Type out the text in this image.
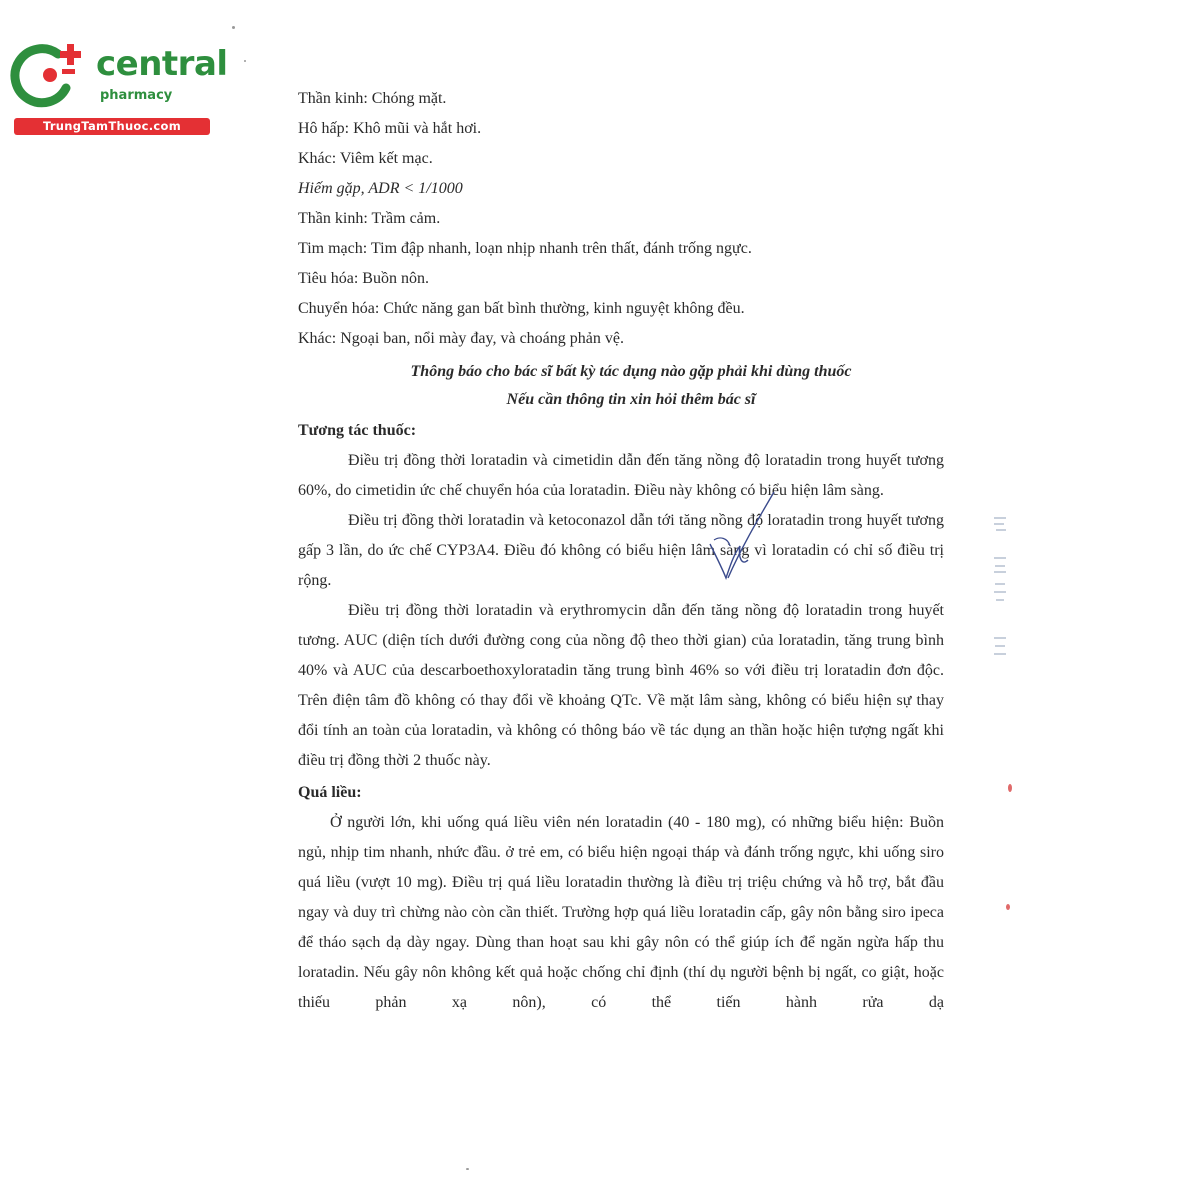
central
pharmacy
TrungTamThuoc.com
Thần kinh: Chóng mặt.
Hô hấp: Khô mũi và hắt hơi.
Khác: Viêm kết mạc.
Hiếm gặp, ADR < 1/1000
Thần kinh: Trầm cảm.
Tim mạch: Tim đập nhanh, loạn nhịp nhanh trên thất, đánh trống ngực.
Tiêu hóa: Buồn nôn.
Chuyển hóa: Chức năng gan bất bình thường, kinh nguyệt không đều.
Khác: Ngoại ban, nổi mày đay, và choáng phản vệ.
Thông báo cho bác sĩ bất kỳ tác dụng nào gặp phải khi dùng thuốc
Nếu cần thông tin xin hỏi thêm bác sĩ
Tương tác thuốc:
Điều trị đồng thời loratadin và cimetidin dẫn đến tăng nồng độ loratadin trong huyết tương 60%, do cimetidin ức chế chuyển hóa của loratadin. Điều này không có biểu hiện lâm sàng.
Điều trị đồng thời loratadin và ketoconazol dẫn tới tăng nồng độ loratadin trong huyết tương gấp 3 lần, do ức chế CYP3A4. Điều đó không có biểu hiện lâm sàng vì loratadin có chỉ số điều trị rộng.
Điều trị đồng thời loratadin và erythromycin dẫn đến tăng nồng độ loratadin trong huyết tương. AUC (diện tích dưới đường cong của nồng độ theo thời gian) của loratadin, tăng trung bình 40% và AUC của descarboethoxyloratadin tăng trung bình 46% so với điều trị loratadin đơn độc. Trên điện tâm đồ không có thay đổi về khoảng QTc. Về mặt lâm sàng, không có biểu hiện sự thay đổi tính an toàn của loratadin, và không có thông báo về tác dụng an thần hoặc hiện tượng ngất khi điều trị đồng thời 2 thuốc này.
Quá liều:
Ở người lớn, khi uống quá liều viên nén loratadin (40 - 180 mg), có những biểu hiện: Buồn ngủ, nhịp tim nhanh, nhức đầu. ở trẻ em, có biểu hiện ngoại tháp và đánh trống ngực, khi uống siro quá liều (vượt 10 mg). Điều trị quá liều loratadin thường là điều trị triệu chứng và hỗ trợ, bắt đầu ngay và duy trì chừng nào còn cần thiết. Trường hợp quá liều loratadin cấp, gây nôn bằng siro ipeca để tháo sạch dạ dày ngay. Dùng than hoạt sau khi gây nôn có thể giúp ích để ngăn ngừa hấp thu loratadin. Nếu gây nôn không kết quả hoặc chống chỉ định (thí dụ người bệnh bị ngất, co giật, hoặc thiếu phản xạ nôn), có thể tiến hành rửa dạ
